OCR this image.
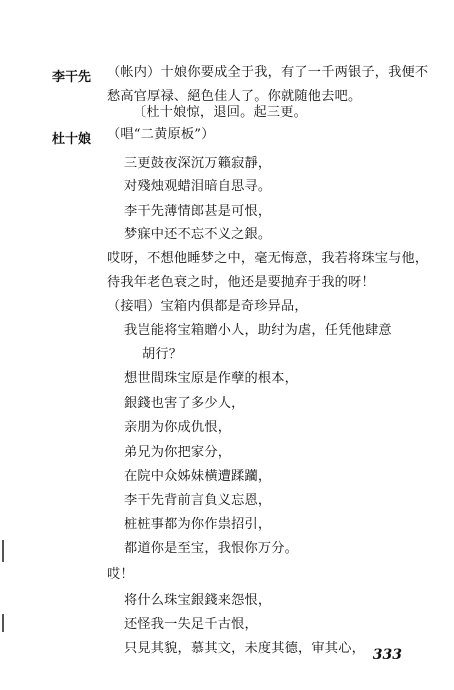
李干先
杜十娘
（帐内）十娘你要成全于我，有了一千两银子，我便不
愁高官厚禄、絕色佳人了。你就随他去吧。
〔杜十娘惊，退回。起三更。
（唱“二黄原板”）
三更鼓夜深沉万籟寂靜，
对殘烛观蜡泪暗自思寻。
李干先薄情郎甚是可恨，
梦寐中还不忘不义之銀。
哎呀，不想他睡梦之中，毫无悔意，我若将珠宝与他，
待我年老色衰之时，他还是要抛弃于我的呀！
（接唱）宝箱内俱都是奇珍异品，
我岂能将宝箱贈小人，助纣为虐，任凭他肆意
胡行？
想世間珠宝原是作孽的根本，
銀錢也害了多少人，
亲朋为你成仇恨，
弟兄为你把家分，
在院中众姊妹横遭蹂躪，
李干先背前言負义忘恩，
桩桩事都为你作祟招引，
都道你是至宝，我恨你万分。
哎！
将什么珠宝銀錢来怨恨，
还怪我一失足千古恨，
只見其貌，慕其文，未度其德，审其心， 333
